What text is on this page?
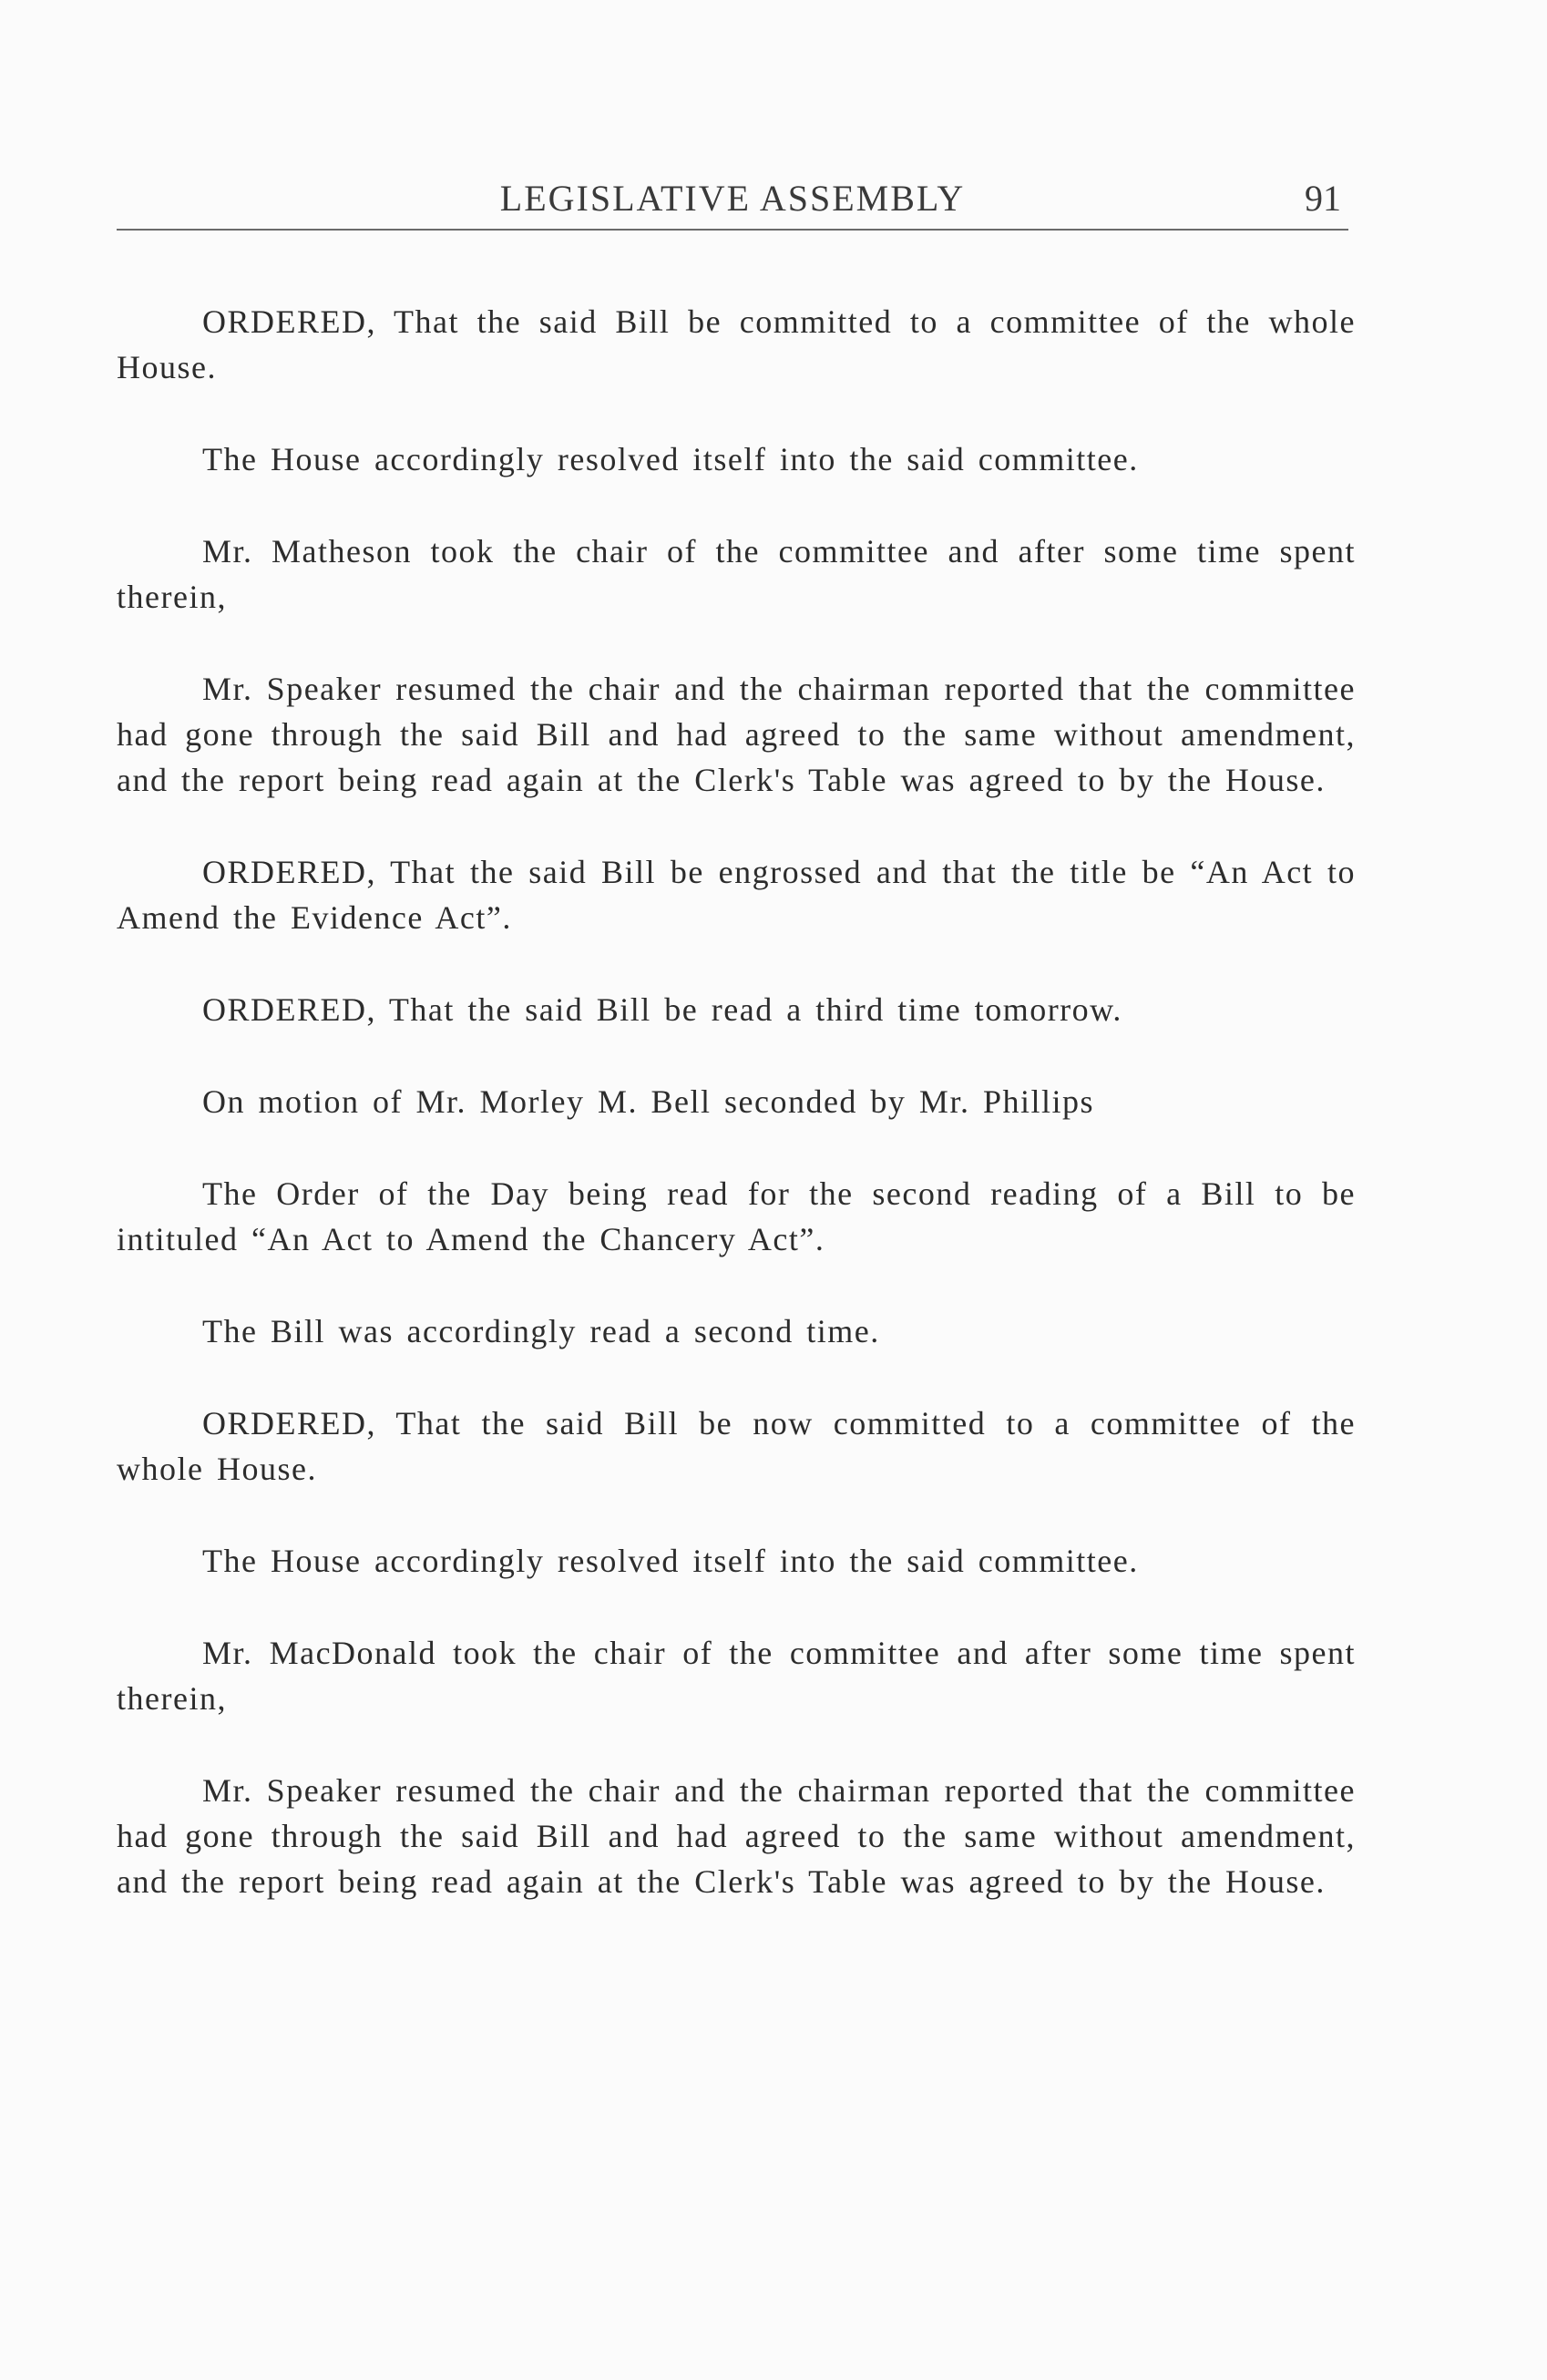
LEGISLATIVE ASSEMBLY	91

ORDERED, That the said Bill be committed to a committee of the whole House.

The House accordingly resolved itself into the said committee.

Mr. Matheson took the chair of the committee and after some time spent therein,

Mr. Speaker resumed the chair and the chairman reported that the committee had gone through the said Bill and had agreed to the same without amendment, and the report being read again at the Clerk's Table was agreed to by the House.

ORDERED, That the said Bill be engrossed and that the title be “An Act to Amend the Evidence Act”.

ORDERED, That the said Bill be read a third time tomorrow.

On motion of Mr. Morley M. Bell seconded by Mr. Phillips

The Order of the Day being read for the second reading of a Bill to be intituled “An Act to Amend the Chancery Act”.

The Bill was accordingly read a second time.

ORDERED, That the said Bill be now committed to a committee of the whole House.

The House accordingly resolved itself into the said committee.

Mr. MacDonald took the chair of the committee and after some time spent therein,

Mr. Speaker resumed the chair and the chairman reported that the committee had gone through the said Bill and had agreed to the same without amendment, and the report being read again at the Clerk's Table was agreed to by the House.
